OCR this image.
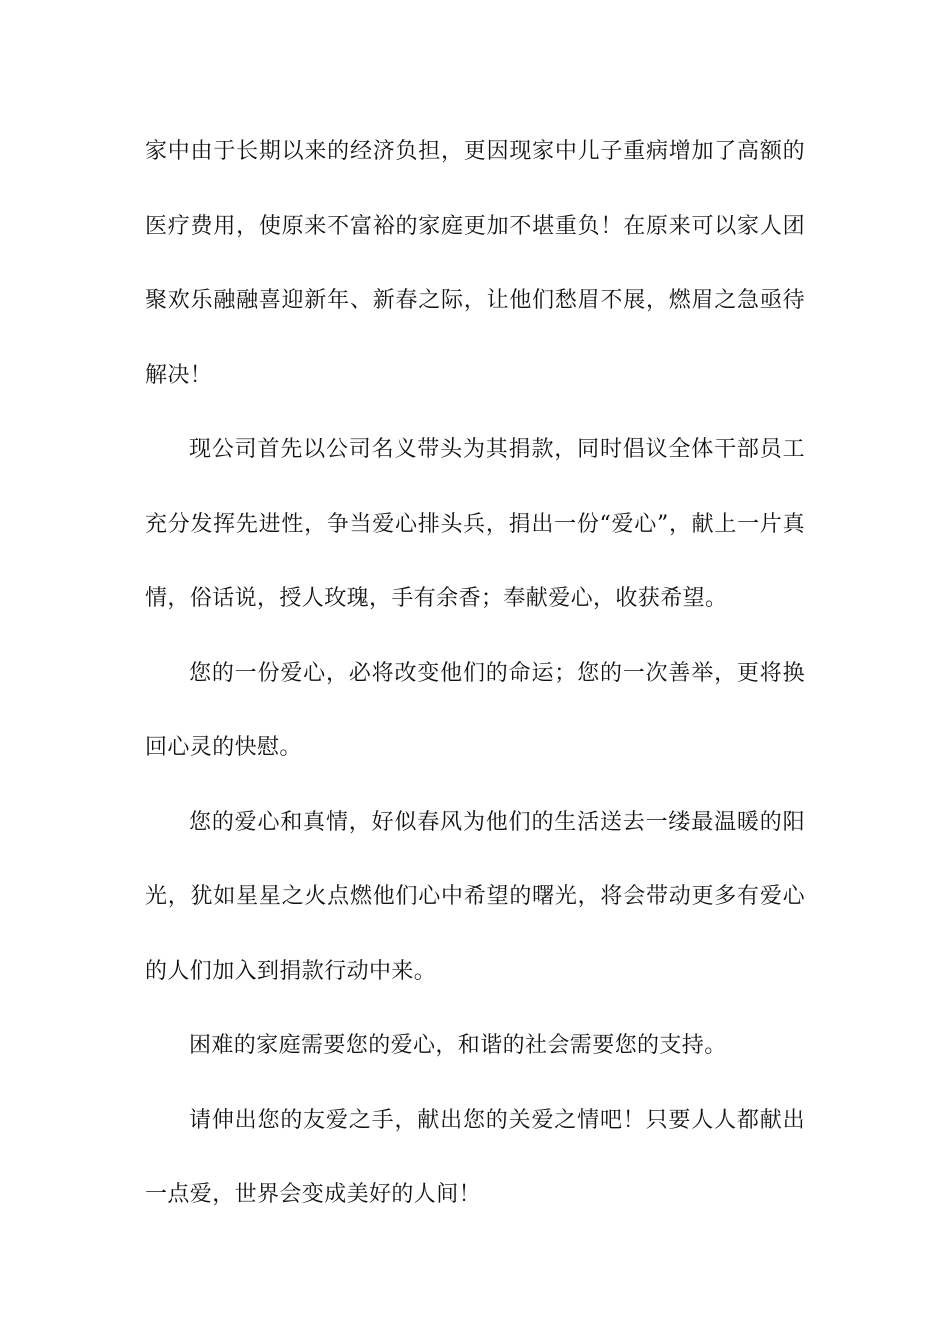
家中由于长期以来的经济负担，更因现家中儿子重病增加了高额的医疗费用，使原来不富裕的家庭更加不堪重负！在原来可以家人团聚欢乐融融喜迎新年、新春之际，让他们愁眉不展，燃眉之急亟待解决！

现公司首先以公司名义带头为其捐款，同时倡议全体干部员工充分发挥先进性，争当爱心排头兵，捐出一份“爱心”，献上一片真情，俗话说，授人玫瑰，手有余香；奉献爱心，收获希望。

您的一份爱心，必将改变他们的命运；您的一次善举，更将换回心灵的快慰。

您的爱心和真情，好似春风为他们的生活送去一缕最温暖的阳光，犹如星星之火点燃他们心中希望的曙光，将会带动更多有爱心的人们加入到捐款行动中来。

困难的家庭需要您的爱心，和谐的社会需要您的支持。

请伸出您的友爱之手，献出您的关爱之情吧！只要人人都献出一点爱，世界会变成美好的人间！
